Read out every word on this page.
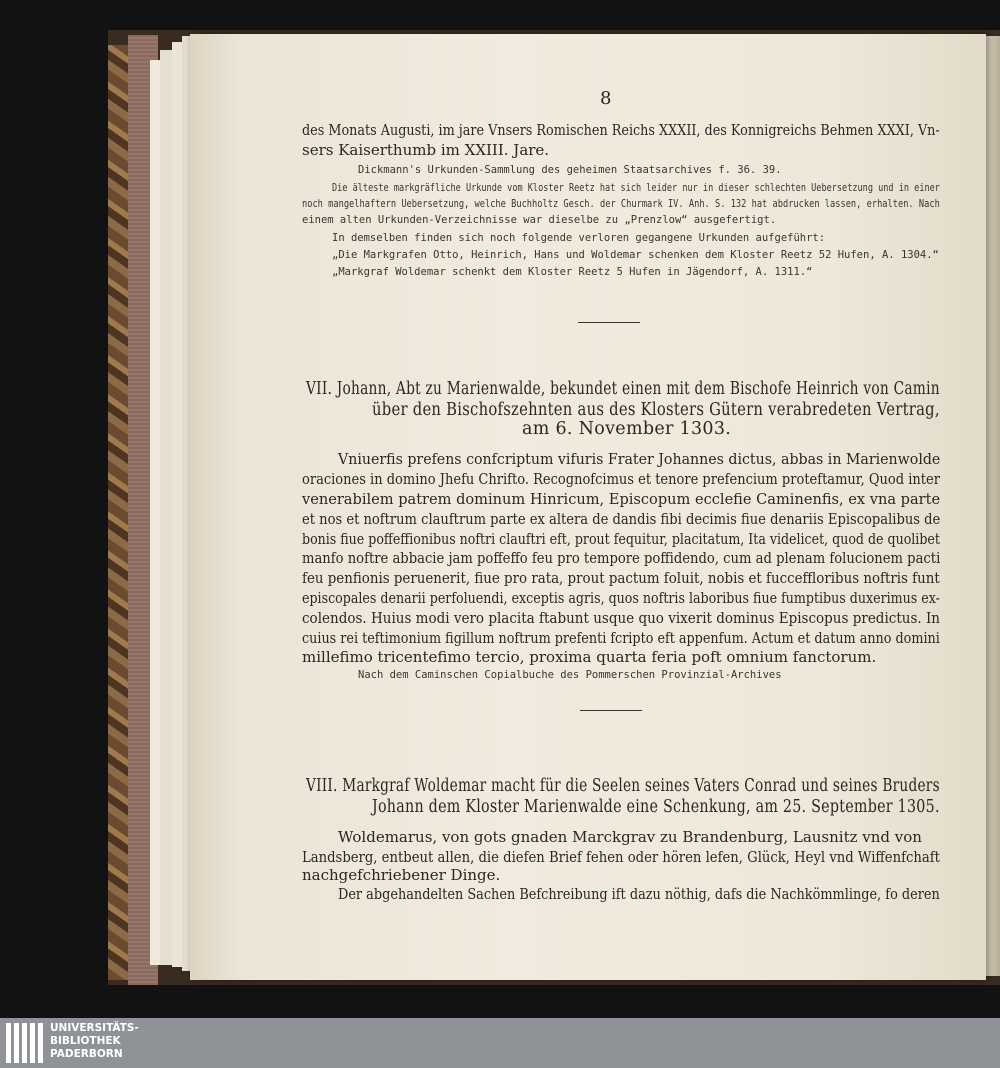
8
des Monats Augusti, im jare Vnsers Romischen Reichs XXXII, des Konnigreichs Behmen XXXI, Vn-
sers Kaiserthumb im XXIII. Jare.
Dickmann's Urkunden-Sammlung des geheimen Staatsarchives f. 36. 39.
Die älteste markgräfliche Urkunde vom Kloster Reetz hat sich leider nur in dieser schlechten Uebersetzung und in einer
noch mangelhaftern Uebersetzung, welche Buchholtz Gesch. der Churmark IV. Anh. S. 132 hat abdrucken lassen, erhalten. Nach
einem alten Urkunden-Verzeichnisse war dieselbe zu „Prenzlow“ ausgefertigt.
In demselben finden sich noch folgende verloren gegangene Urkunden aufgeführt:
„Die Markgrafen Otto, Heinrich, Hans und Woldemar schenken dem Kloster Reetz 52 Hufen, A. 1304.“
„Markgraf Woldemar schenkt dem Kloster Reetz 5 Hufen in Jägendorf, A. 1311.“
VII. Johann, Abt zu Marienwalde, bekundet einen mit dem Bischofe Heinrich von Camin
über den Bischofszehnten aus des Klosters Gütern verabredeten Vertrag,
am 6. November 1303.
Vniuerfis prefens confcriptum vifuris Frater Johannes dictus, abbas in Marienwolde
oraciones in domino Jhefu Chrifto. Recognofcimus et tenore prefencium proteftamur, Quod inter
venerabilem patrem dominum Hinricum, Episcopum ecclefie Caminenfis, ex vna parte
et nos et noftrum clauftrum parte ex altera de dandis fibi decimis fiue denariis Episcopalibus de
bonis fiue poffeffionibus noftri clauftri eft, prout fequitur, placitatum, Ita videlicet, quod de quolibet
manfo noftre abbacie jam poffeffo feu pro tempore poffidendo, cum ad plenam folucionem pacti
feu penfionis peruenerit, fiue pro rata, prout pactum foluit, nobis et fucceffloribus noftris funt
episcopales denarii perfoluendi, exceptis agris, quos noftris laboribus fiue fumptibus duxerimus ex-
colendos. Huius modi vero placita ftabunt usque quo vixerit dominus Episcopus predictus. In
cuius rei teftimonium figillum noftrum prefenti fcripto eft appenfum. Actum et datum anno domini
millefimo tricentefimo tercio, proxima quarta feria poft omnium fanctorum.
Nach dem Caminschen Copialbuche des Pommerschen Provinzial-Archives
VIII. Markgraf Woldemar macht für die Seelen seines Vaters Conrad und seines Bruders
Johann dem Kloster Marienwalde eine Schenkung, am 25. September 1305.
Woldemarus, von gots gnaden Marckgrav zu Brandenburg, Lausnitz vnd von
Landsberg, entbeut allen, die diefen Brief fehen oder hören lefen, Glück, Heyl vnd Wiffenfchaft
nachgefchriebener Dinge.
Der abgehandelten Sachen Befchreibung ift dazu nöthig, dafs die Nachkömmlinge, fo deren
UNIVERSITÄTS-
BIBLIOTHEK
PADERBORN
